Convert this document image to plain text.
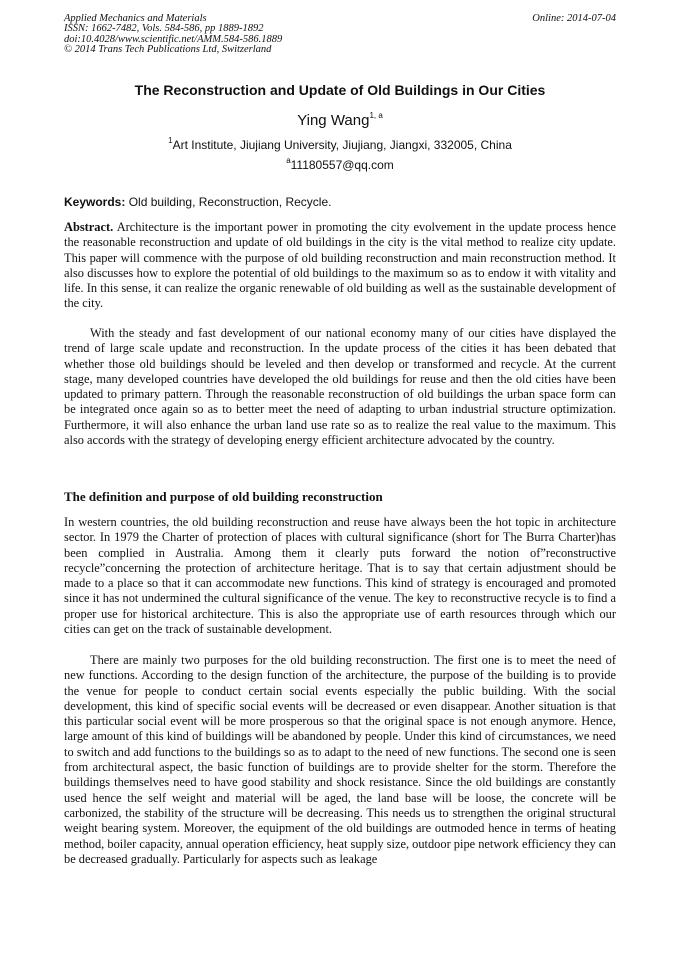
Applied Mechanics and Materials
ISSN: 1662-7482, Vols. 584-586, pp 1889-1892
doi:10.4028/www.scientific.net/AMM.584-586.1889
© 2014 Trans Tech Publications Ltd, Switzerland
Online: 2014-07-04
The Reconstruction and Update of Old Buildings in Our Cities
Ying Wang$^{1, a}$
$^1$Art Institute, Jiujiang University, Jiujiang, Jiangxi, 332005, China
$^a$11180557@qq.com
Keywords: Old building, Reconstruction, Recycle.

Abstract. Architecture is the important power in promoting the city evolvement in the update process hence the reasonable reconstruction and update of old buildings in the city is the vital method to realize city update. This paper will commence with the purpose of old building reconstruction and main reconstruction method. It also discusses how to explore the potential of old buildings to the maximum so as to endow it with vitality and life. In this sense, it can realize the organic renewable of old building as well as the sustainable development of the city.

With the steady and fast development of our national economy many of our cities have displayed the trend of large scale update and reconstruction. In the update process of the cities it has been debated that whether those old buildings should be leveled and then develop or transformed and recycle. At the current stage, many developed countries have developed the old buildings for reuse and then the old cities have been updated to primary pattern. Through the reasonable reconstruction of old buildings the urban space form can be integrated once again so as to better meet the need of adapting to urban industrial structure optimization. Furthermore, it will also enhance the urban land use rate so as to realize the real value to the maximum. This also accords with the strategy of developing energy efficient architecture advocated by the country.

The definition and purpose of old building reconstruction

In western countries, the old building reconstruction and reuse have always been the hot topic in architecture sector. In 1979 the Charter of protection of places with cultural significance (short for The Burra Charter)has been complied in Australia. Among them it clearly puts forward the notion of”reconstructive recycle”concerning the protection of architecture heritage. That is to say that certain adjustment should be made to a place so that it can accommodate new functions. This kind of strategy is encouraged and promoted since it has not undermined the cultural significance of the venue. The key to reconstructive recycle is to find a proper use for historical architecture. This is also the appropriate use of earth resources through which our cities can get on the track of sustainable development.

There are mainly two purposes for the old building reconstruction. The first one is to meet the need of new functions. According to the design function of the architecture, the purpose of the building is to provide the venue for people to conduct certain social events especially the public building. With the social development, this kind of specific social events will be decreased or even disappear. Another situation is that this particular social event will be more prosperous so that the original space is not enough anymore. Hence, large amount of this kind of buildings will be abandoned by people. Under this kind of circumstances, we need to switch and add functions to the buildings so as to adapt to the need of new functions. The second one is seen from architectural aspect, the basic function of buildings are to provide shelter for the storm. Therefore the buildings themselves need to have good stability and shock resistance. Since the old buildings are constantly used hence the self weight and material will be aged, the land base will be loose, the concrete will be carbonized, the stability of the structure will be decreasing. This needs us to strengthen the original structural weight bearing system. Moreover, the equipment of the old buildings are outmoded hence in terms of heating method, boiler capacity, annual operation efficiency, heat supply size, outdoor pipe network efficiency they can be decreased gradually. Particularly for aspects such as leakage
